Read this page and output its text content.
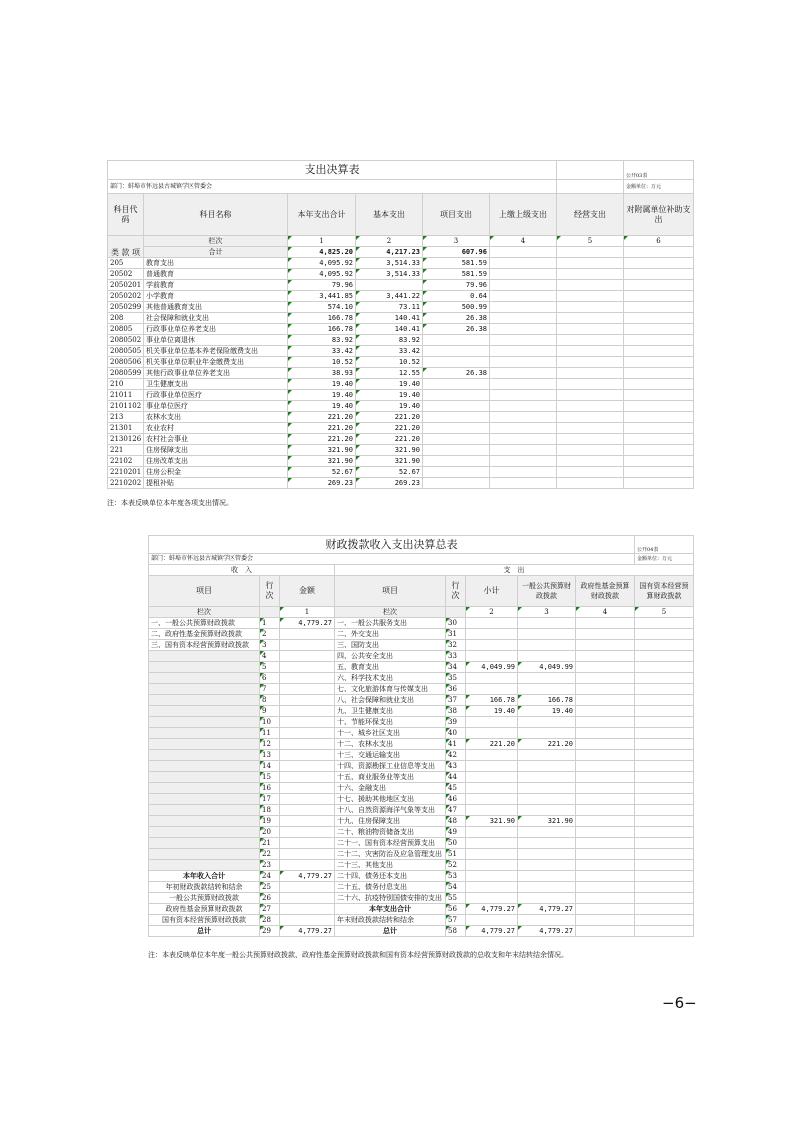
支出决算表							公开03表
部门：蚌埠市怀远县古城镇学区管委会							金额单位：万元
科目代码	科目名称	本年支出合计	基本支出	项目支出	上缴上级支出	经营支出	对附属单位补助支出
类 款 项	栏次	1	2	3	4	5	6
	合计	4,825.20	4,217.23	607.96			
205	教育支出	4,095.92	3,514.33	581.59			
20502	普通教育	4,095.92	3,514.33	581.59			
2050201	学前教育	79.96		79.96			
2050202	小学教育	3,441.85	3,441.22	0.64			
2050299	其他普通教育支出	574.10	73.11	500.99			
208	社会保障和就业支出	166.78	140.41	26.38			
20805	行政事业单位养老支出	166.78	140.41	26.38			
2080502	事业单位离退休	83.92	83.92				
2080505	机关事业单位基本养老保险缴费支出	33.42	33.42				
2080506	机关事业单位职业年金缴费支出	10.52	10.52				
2080599	其他行政事业单位养老支出	38.93	12.55	26.38			
210	卫生健康支出	19.40	19.40				
21011	行政事业单位医疗	19.40	19.40				
2101102	事业单位医疗	19.40	19.40				
213	农林水支出	221.20	221.20				
21301	农业农村	221.20	221.20				
2130126	农村社会事业	221.20	221.20				
221	住房保障支出	321.90	321.90				
22102	住房改革支出	321.90	321.90				
2210201	住房公积金	52.67	52.67				
2210202	提租补贴	269.23	269.23				
注：本表反映单位本年度各项支出情况。
财政拨款收入支出决算总表								公开04表
部门：蚌埠市怀远县古城镇学区管委会								金额单位：万元
收　入			支　出					
项目	行次	金额	项目	行次	小计	一般公共预算财政拨款	政府性基金预算财政拨款	国有资本经营预算财政拨款
栏次		1	栏次		2	3	4	5
一、一般公共预算财政拨款	1	4,779.27	一、一般公共服务支出	30				
二、政府性基金预算财政拨款	2		二、外交支出	31				
三、国有资本经营预算财政拨款	3		三、国防支出	32				
	4		四、公共安全支出	33				
	5		五、教育支出	34	4,049.99	4,049.99		
	6		六、科学技术支出	35				
	7		七、文化旅游体育与传媒支出	36				
	8		八、社会保障和就业支出	37	166.78	166.78		
	9		九、卫生健康支出	38	19.40	19.40		
	10		十、节能环保支出	39				
	11		十一、城乡社区支出	40				
	12		十二、农林水支出	41	221.20	221.20		
	13		十三、交通运输支出	42				
	14		十四、资源勘探工业信息等支出	43				
	15		十五、商业服务业等支出	44				
	16		十六、金融支出	45				
	17		十七、援助其他地区支出	46				
	18		十八、自然资源海洋气象等支出	47				
	19		十九、住房保障支出	48	321.90	321.90		
	20		二十、粮油物资储备支出	49				
	21		二十一、国有资本经营预算支出	50				
	22		二十二、灾害防治及应急管理支出	51				
	23		二十三、其他支出	52				
本年收入合计	24	4,779.27	二十四、债务还本支出	53				
年初财政拨款结转和结余	25		二十五、债务付息支出	54				
一般公共预算财政拨款	26		二十六、抗疫特别国债安排的支出	55				
政府性基金预算财政拨款	27		本年支出合计	56	4,779.27	4,779.27		
国有资本经营预算财政拨款	28		年末财政拨款结转和结余	57				
总计	29	4,779.27	总计	58	4,779.27	4,779.27		
注：本表反映单位本年度一般公共预算财政拨款、政府性基金预算财政拨款和国有资本经营预算财政拨款的总收支和年末结转结余情况。
−6−
